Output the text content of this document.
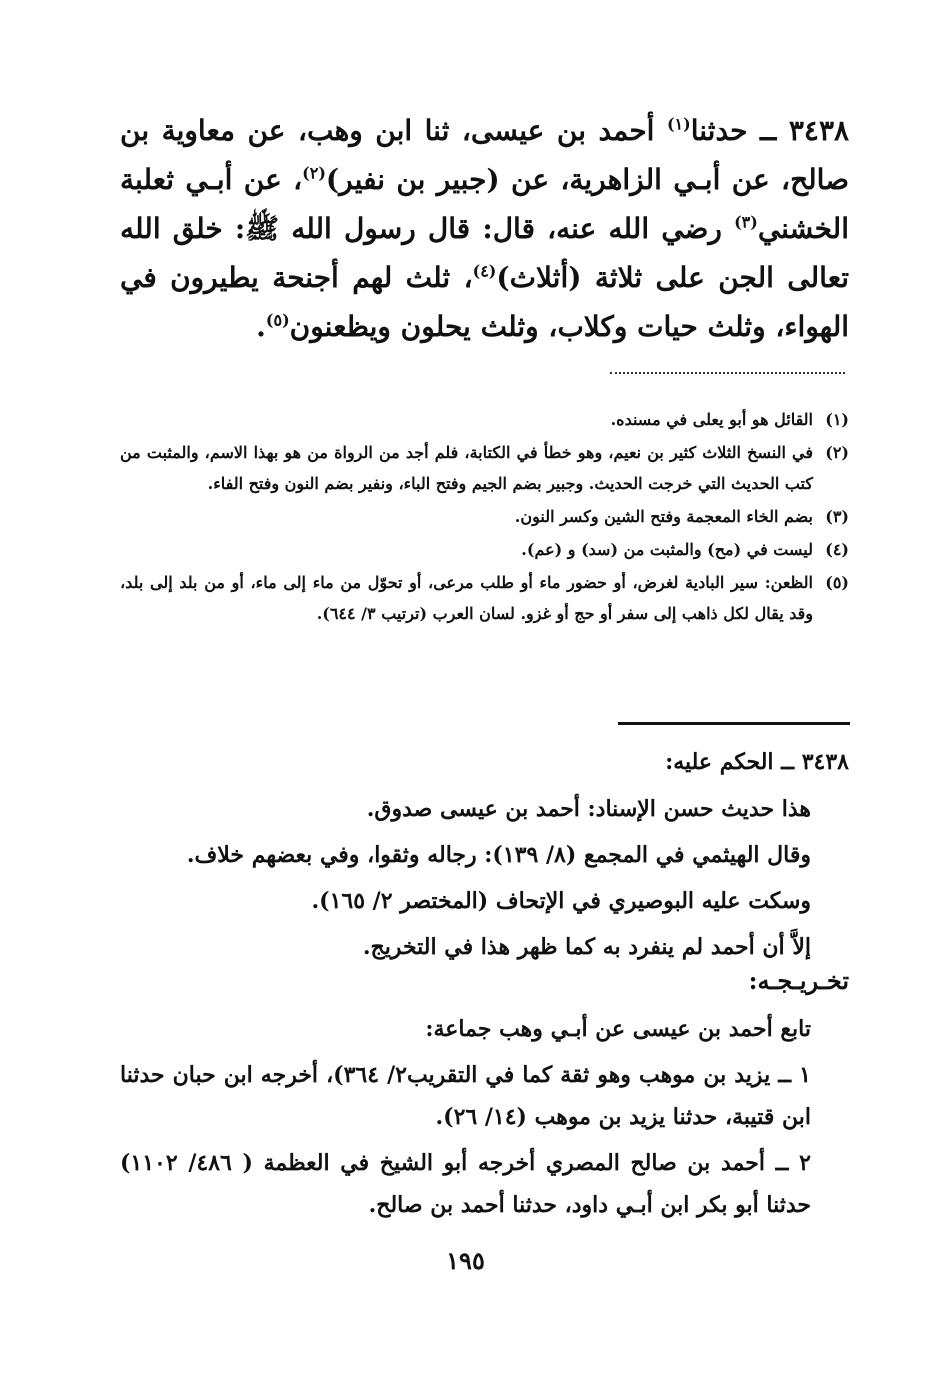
٣٤٣٨ ــ حدثنا$^{(١)}$ أحمد بن عيسى، ثنا ابن وهب، عن معاوية بن صالح، عن أبـي الزاهرية، عن (جبير بن نفير)$^{(٢)}$، عن أبـي ثعلبة الخشني$^{(٣)}$ رضي الله عنه، قال: قال رسول الله ﷺ: خلق الله تعالى الجن على ثلاثة (أثلاث)$^{(٤)}$، ثلث لهم أجنحة يطيرون في الهواء، وثلث حيات وكلاب، وثلث يحلون ويظعنون$^{(٥)}$.

(١)
القائل هو أبو يعلى في مسنده.
(٢)
في النسخ الثلاث كثير بن نعيم، وهو خطأ في الكتابة، فلم أجد من الرواة من هو بهذا الاسم، والمثبت من كتب الحديث التي خرجت الحديث. وجبير بضم الجيم وفتح الباء، ونفير بضم النون وفتح الفاء.
(٣)
بضم الخاء المعجمة وفتح الشين وكسر النون.
(٤)
ليست في (مح) والمثبت من (سد) و (عم).
(٥)
الظعن: سير البادية لغرض، أو حضور ماء أو طلب مرعى، أو تحوّل من ماء إلى ماء، أو من بلد إلى بلد، وقد يقال لكل ذاهب إلى سفر أو حج أو غزو. لسان العرب (ترتيب ٣/ ٦٤٤).
٣٤٣٨ ــ الحكم عليه:

هذا حديث حسن الإسناد: أحمد بن عيسى صدوق.

وقال الهيثمي في المجمع (٨/ ١٣٩): رجاله وثقوا، وفي بعضهم خلاف.

وسكت عليه البوصيري في الإتحاف (المختصر ٢/ ١٦٥).

إلاَّ أن أحمد لم ينفرد به كما ظهر هذا في التخريج.

تخـريـجـه:

تابع أحمد بن عيسى عن أبـي وهب جماعة:

١ ــ يزيد بن موهب وهو ثقة كما في التقريب٢/ ٣٦٤)، أخرجه ابن حبان حدثنا ابن قتيبة، حدثنا يزيد بن موهب (١٤/ ٢٦).

٢ ــ أحمد بن صالح المصري أخرجه أبو الشيخ في العظمة ( ٤٨٦/ ١١٠٢) حدثنا أبو بكر ابن أبـي داود، حدثنا أحمد بن صالح.

١٩٥
